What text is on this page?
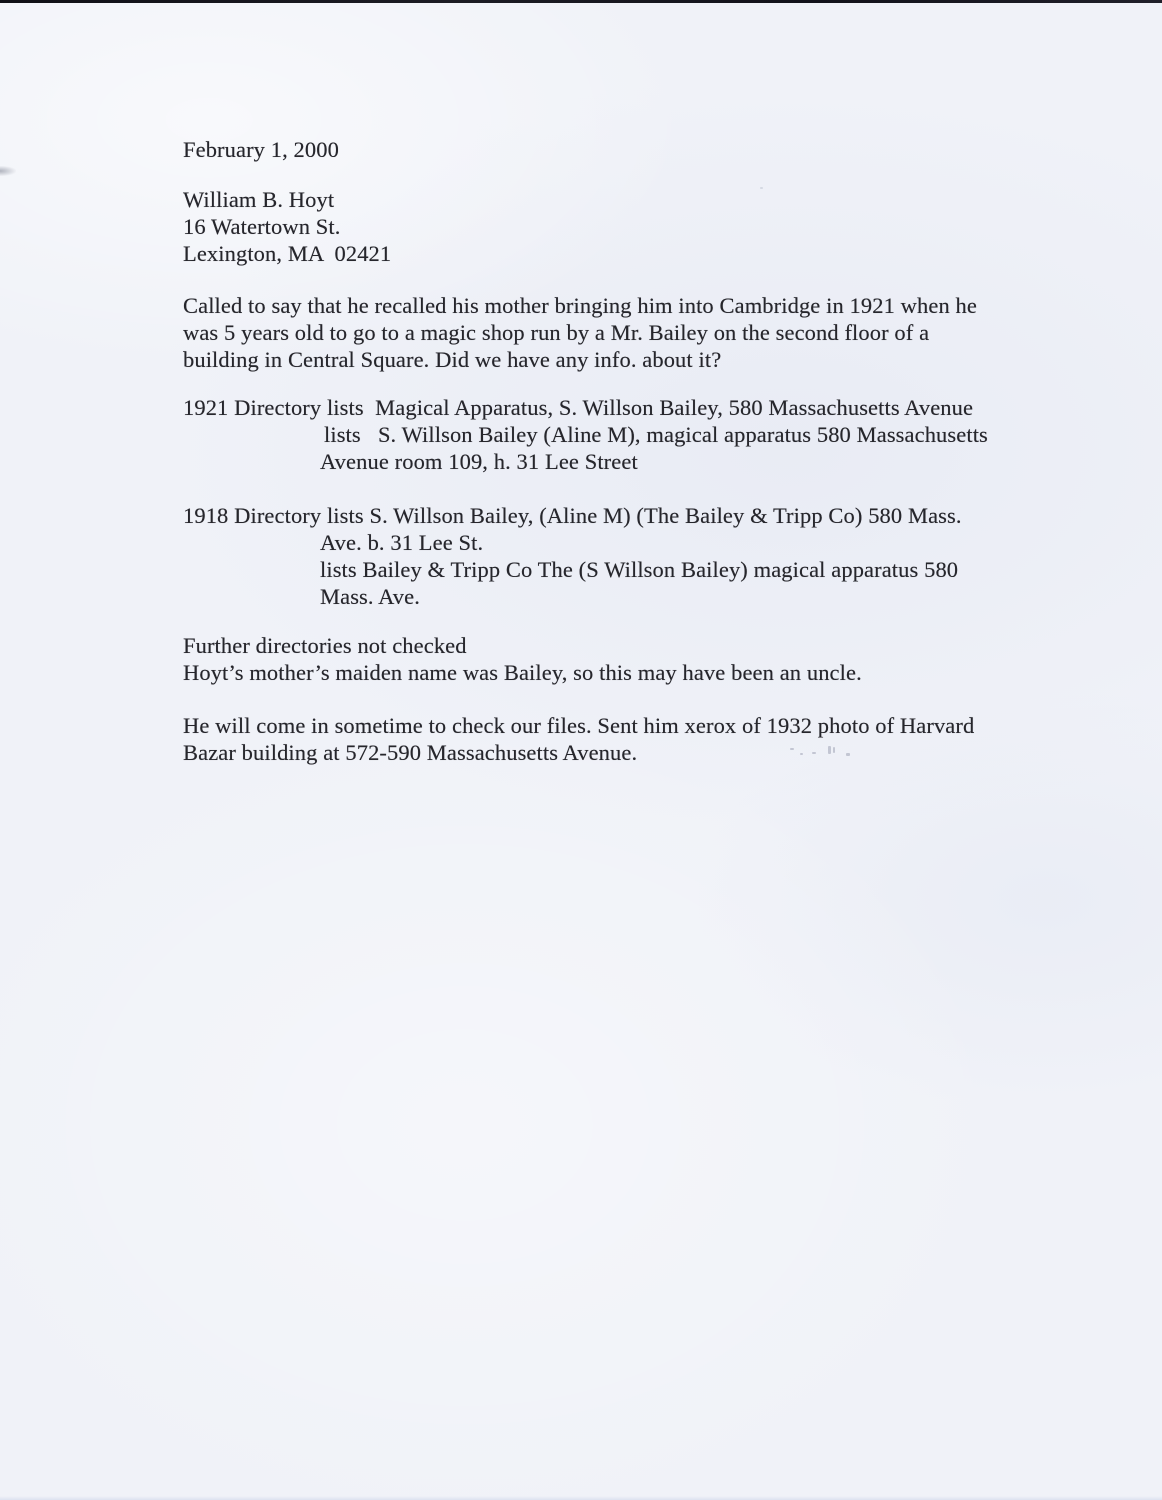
February 1, 2000
William B. Hoyt
16 Watertown St.
Lexington, MA  02421
Called to say that he recalled his mother bringing him into Cambridge in 1921 when he
was 5 years old to go to a magic shop run by a Mr. Bailey on the second floor of a
building in Central Square. Did we have any info. about it?
1921 Directory lists  Magical Apparatus, S. Willson Bailey, 580 Massachusetts Avenue
lists   S. Willson Bailey (Aline M), magical apparatus 580 Massachusetts
Avenue room 109, h. 31 Lee Street
1918 Directory lists S. Willson Bailey, (Aline M) (The Bailey & Tripp Co) 580 Mass.
Ave. b. 31 Lee St.
lists Bailey & Tripp Co The (S Willson Bailey) magical apparatus 580
Mass. Ave.
Further directories not checked
Hoyt’s mother’s maiden name was Bailey, so this may have been an uncle.
He will come in sometime to check our files. Sent him xerox of 1932 photo of Harvard
Bazar building at 572-590 Massachusetts Avenue.
